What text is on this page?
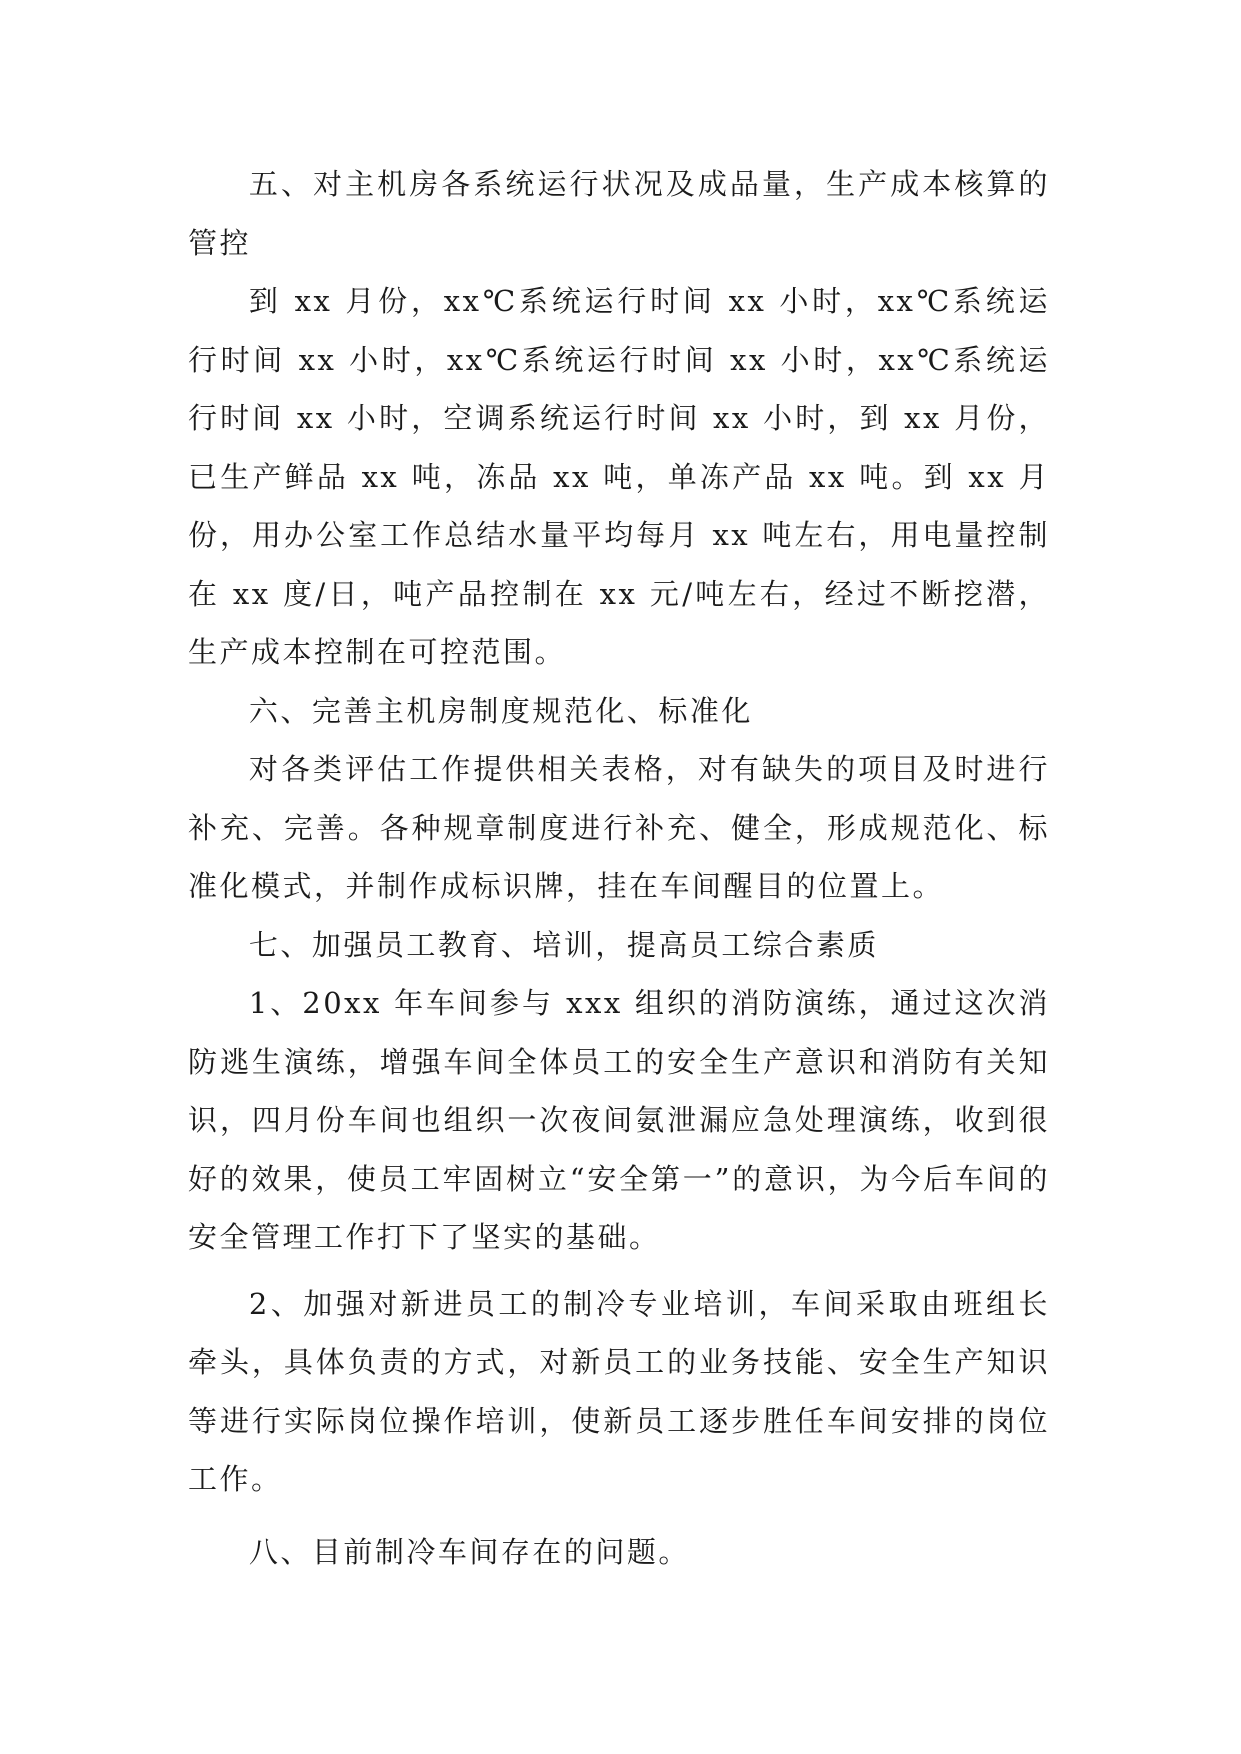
五、对主机房各系统运行状况及成品量，生产成本核算的管控

到 xx 月份，xx℃系统运行时间 xx 小时，xx℃系统运行时间 xx 小时，xx℃系统运行时间 xx 小时，xx℃系统运行时间 xx 小时，空调系统运行时间 xx 小时，到 xx 月份，已生产鲜品 xx 吨，冻品 xx 吨，单冻产品 xx 吨。到 xx 月份，用办公室工作总结水量平均每月 xx 吨左右，用电量控制在 xx 度/日，吨产品控制在 xx 元/吨左右，经过不断挖潜，生产成本控制在可控范围。

六、完善主机房制度规范化、标准化

对各类评估工作提供相关表格，对有缺失的项目及时进行补充、完善。各种规章制度进行补充、健全，形成规范化、标准化模式，并制作成标识牌，挂在车间醒目的位置上。

七、加强员工教育、培训，提高员工综合素质

1、20xx 年车间参与 xxx 组织的消防演练，通过这次消防逃生演练，增强车间全体员工的安全生产意识和消防有关知识，四月份车间也组织一次夜间氨泄漏应急处理演练，收到很好的效果，使员工牢固树立“安全第一”的意识，为今后车间的安全管理工作打下了坚实的基础。

2、加强对新进员工的制冷专业培训，车间采取由班组长牵头，具体负责的方式，对新员工的业务技能、安全生产知识等进行实际岗位操作培训，使新员工逐步胜任车间安排的岗位工作。

八、目前制冷车间存在的问题。
